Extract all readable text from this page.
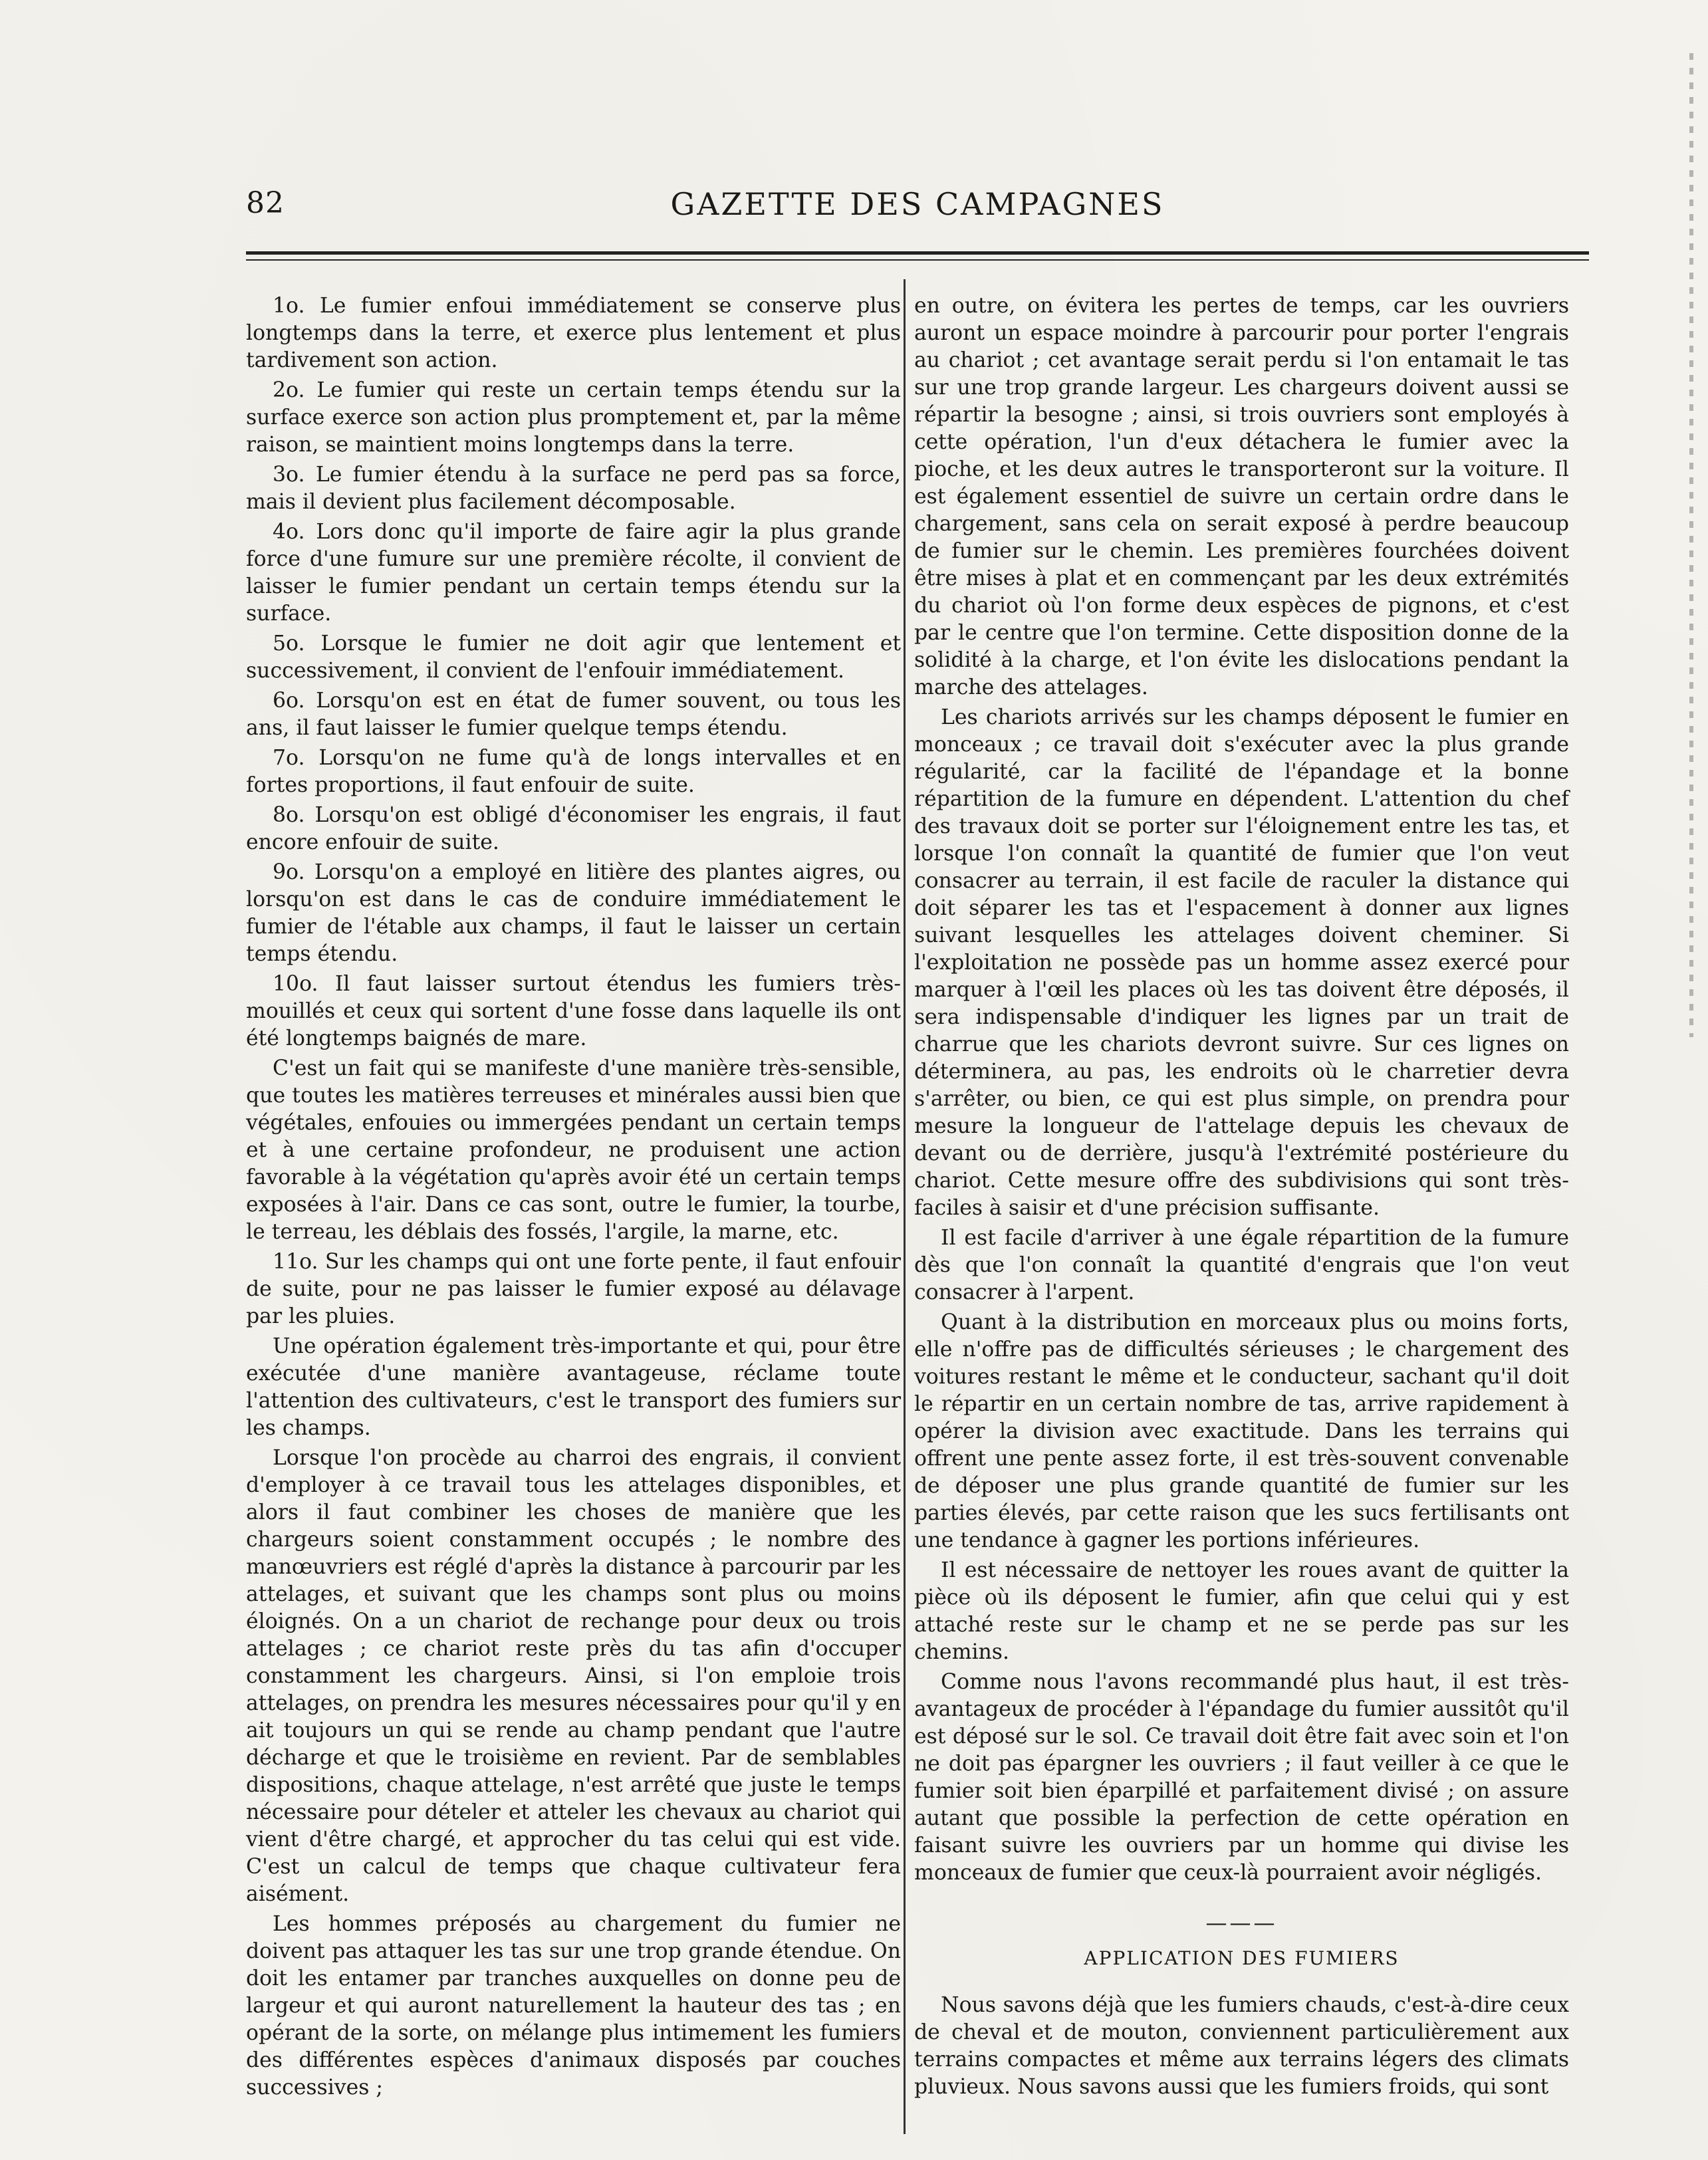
82	GAZETTE DES CAMPAGNES

1o. Le fumier enfoui immédiatement se conserve plus longtemps dans la terre, et exerce plus lentement et plus tardivement son action.

2o. Le fumier qui reste un certain temps étendu sur la surface exerce son action plus promptement et, par la même raison, se maintient moins longtemps dans la terre.

3o. Le fumier étendu à la surface ne perd pas sa force, mais il devient plus facilement décomposable.

4o. Lors donc qu'il importe de faire agir la plus grande force d'une fumure sur une première récolte, il convient de laisser le fumier pendant un certain temps étendu sur la surface.

5o. Lorsque le fumier ne doit agir que lentement et successivement, il convient de l'enfouir immédiatement.

6o. Lorsqu'on est en état de fumer souvent, ou tous les ans, il faut laisser le fumier quelque temps étendu.

7o. Lorsqu'on ne fume qu'à de longs intervalles et en fortes proportions, il faut enfouir de suite.

8o. Lorsqu'on est obligé d'économiser les engrais, il faut encore enfouir de suite.

9o. Lorsqu'on a employé en litière des plantes aigres, ou lorsqu'on est dans le cas de conduire immédiatement le fumier de l'étable aux champs, il faut le laisser un certain temps étendu.

10o. Il faut laisser surtout étendus les fumiers très-mouillés et ceux qui sortent d'une fosse dans laquelle ils ont été longtemps baignés de mare.

C'est un fait qui se manifeste d'une manière très-sensible, que toutes les matières terreuses et minérales aussi bien que végétales, enfouies ou immergées pendant un certain temps et à une certaine profondeur, ne produisent une action favorable à la végétation qu'après avoir été un certain temps exposées à l'air. Dans ce cas sont, outre le fumier, la tourbe, le terreau, les déblais des fossés, l'argile, la marne, etc.

11o. Sur les champs qui ont une forte pente, il faut enfouir de suite, pour ne pas laisser le fumier exposé au délavage par les pluies.

Une opération également très-importante et qui, pour être exécutée d'une manière avantageuse, réclame toute l'attention des cultivateurs, c'est le transport des fumiers sur les champs.

Lorsque l'on procède au charroi des engrais, il convient d'employer à ce travail tous les attelages disponibles, et alors il faut combiner les choses de manière que les chargeurs soient constamment occupés ; le nombre des manœuvriers est réglé d'après la distance à parcourir par les attelages, et suivant que les champs sont plus ou moins éloignés. On a un chariot de rechange pour deux ou trois attelages ; ce chariot reste près du tas afin d'occuper constamment les chargeurs. Ainsi, si l'on emploie trois attelages, on prendra les mesures nécessaires pour qu'il y en ait toujours un qui se rende au champ pendant que l'autre décharge et que le troisième en revient. Par de semblables dispositions, chaque attelage, n'est arrêté que juste le temps nécessaire pour dételer et atteler les chevaux au chariot qui vient d'être chargé, et approcher du tas celui qui est vide. C'est un calcul de temps que chaque cultivateur fera aisément.

Les hommes préposés au chargement du fumier ne doivent pas attaquer les tas sur une trop grande étendue. On doit les entamer par tranches auxquelles on donne peu de largeur et qui auront naturellement la hauteur des tas ; en opérant de la sorte, on mélange plus intimement les fumiers des différentes espèces d'animaux disposés par couches successives ;

en outre, on évitera les pertes de temps, car les ouvriers auront un espace moindre à parcourir pour porter l'engrais au chariot ; cet avantage serait perdu si l'on entamait le tas sur une trop grande largeur. Les chargeurs doivent aussi se répartir la besogne ; ainsi, si trois ouvriers sont employés à cette opération, l'un d'eux détachera le fumier avec la pioche, et les deux autres le transporteront sur la voiture. Il est également essentiel de suivre un certain ordre dans le chargement, sans cela on serait exposé à perdre beaucoup de fumier sur le chemin. Les premières fourchées doivent être mises à plat et en commençant par les deux extrémités du chariot où l'on forme deux espèces de pignons, et c'est par le centre que l'on termine. Cette disposition donne de la solidité à la charge, et l'on évite les dislocations pendant la marche des attelages.

Les chariots arrivés sur les champs déposent le fumier en monceaux ; ce travail doit s'exécuter avec la plus grande régularité, car la facilité de l'épandage et la bonne répartition de la fumure en dépendent. L'attention du chef des travaux doit se porter sur l'éloignement entre les tas, et lorsque l'on connaît la quantité de fumier que l'on veut consacrer au terrain, il est facile de raculer la distance qui doit séparer les tas et l'espacement à donner aux lignes suivant lesquelles les attelages doivent cheminer. Si l'exploitation ne possède pas un homme assez exercé pour marquer à l'œil les places où les tas doivent être déposés, il sera indispensable d'indiquer les lignes par un trait de charrue que les chariots devront suivre. Sur ces lignes on déterminera, au pas, les endroits où le charretier devra s'arrêter, ou bien, ce qui est plus simple, on prendra pour mesure la longueur de l'attelage depuis les chevaux de devant ou de derrière, jusqu'à l'extrémité postérieure du chariot. Cette mesure offre des subdivisions qui sont très-faciles à saisir et d'une précision suffisante.

Il est facile d'arriver à une égale répartition de la fumure dès que l'on connaît la quantité d'engrais que l'on veut consacrer à l'arpent.

Quant à la distribution en morceaux plus ou moins forts, elle n'offre pas de difficultés sérieuses ; le chargement des voitures restant le même et le conducteur, sachant qu'il doit le répartir en un certain nombre de tas, arrive rapidement à opérer la division avec exactitude. Dans les terrains qui offrent une pente assez forte, il est très-souvent convenable de déposer une plus grande quantité de fumier sur les parties élevés, par cette raison que les sucs fertilisants ont une tendance à gagner les portions inférieures.

Il est nécessaire de nettoyer les roues avant de quitter la pièce où ils déposent le fumier, afin que celui qui y est attaché reste sur le champ et ne se perde pas sur les chemins.

Comme nous l'avons recommandé plus haut, il est très-avantageux de procéder à l'épandage du fumier aussitôt qu'il est déposé sur le sol. Ce travail doit être fait avec soin et l'on ne doit pas épargner les ouvriers ; il faut veiller à ce que le fumier soit bien éparpillé et parfaitement divisé ; on assure autant que possible la perfection de cette opération en faisant suivre les ouvriers par un homme qui divise les monceaux de fumier que ceux-là pourraient avoir négligés.

———
APPLICATION DES FUMIERS

Nous savons déjà que les fumiers chauds, c'est-à-dire ceux de cheval et de mouton, conviennent particulièrement aux terrains compactes et même aux terrains légers des climats pluvieux. Nous savons aussi que les fumiers froids, qui sont
